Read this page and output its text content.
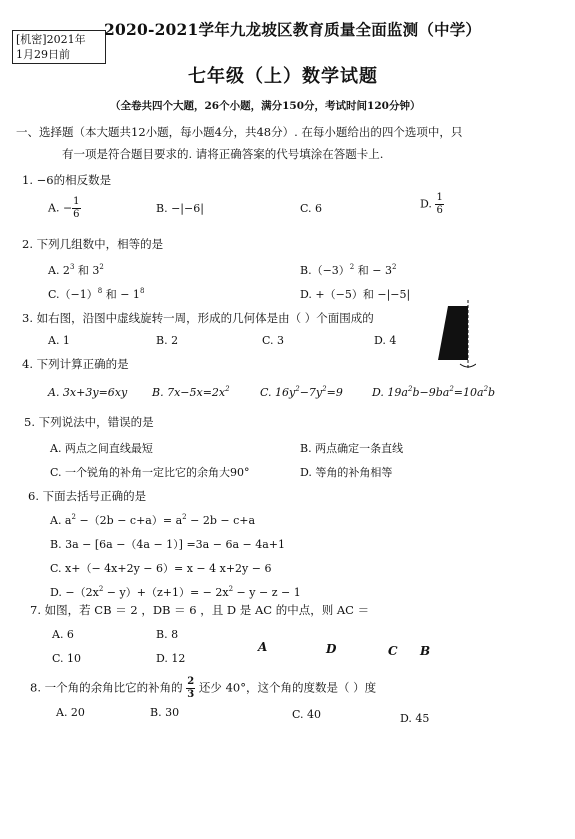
[机密]2021年
1月29日前
2020-2021学年九龙坡区教育质量全面监测（中学）
七年级（上）数学试题
（全卷共四个大题，26个小题，满分150分，考试时间120分钟）
一、选择题（本大题共12小题，每小题4分，共48分）. 在每小题给出的四个选项中，只
有一项是符合题目要求的. 请将正确答案的代号填涂在答题卡上.
1. −6的相反数是
A. − $\frac{1}{6}$	B. −|−6|	C. 6	D. $\frac{1}{6}$
2. 下列几组数中，相等的是
A. $2^3$ 和 $3^2$	$B.(-3)^2$ 和 − $3^2$
$C.(-1)^8$ 和 − $1^8$	D. +（−5）和 −|−5|
3. 如右图，沿图中虚线旋转一周，形成的几何体是由（ ）个面围成的
A. 1	B. 2	C. 3	D. 4
4. 下列计算正确的是
A. 3x+3y=6xy B. $7x-5x=2x^2$	C. $16y^2-7y^2=9$	D. $19a^2b-9ba^2=10a^2b$
5. 下列说法中，错误的是
A. 两点之间直线最短	B. 两点确定一条直线
C. 一个锐角的补角一定比它的余角大90°	D. 等角的补角相等
6. 下面去括号正确的是
A. $a^2 -(2b - c+a)= a^2 - 2b - c+a$
B. 3a − [6a −（4a − 1）] =3a − 6a − 4a+1
C. x+（− 4x+2y − 6）= x − 4 x+2y − 6
D. $-(2x^2 - y)+(z+1)= - 2x^2 - y - z - 1$
7. 如图，若 CB ＝ 2 ，DB ＝ 6 ，且 D 是 AC 的中点，则 AC ＝
A. 6	B. 8
C. 10	D. 12
A	D	C B
8. 一个角的余角比它的补角的 $\frac{2}{3}$ 还少 40°，这个角的度数是（ ）度
A. 20	B. 30	C. 40	D. 45
